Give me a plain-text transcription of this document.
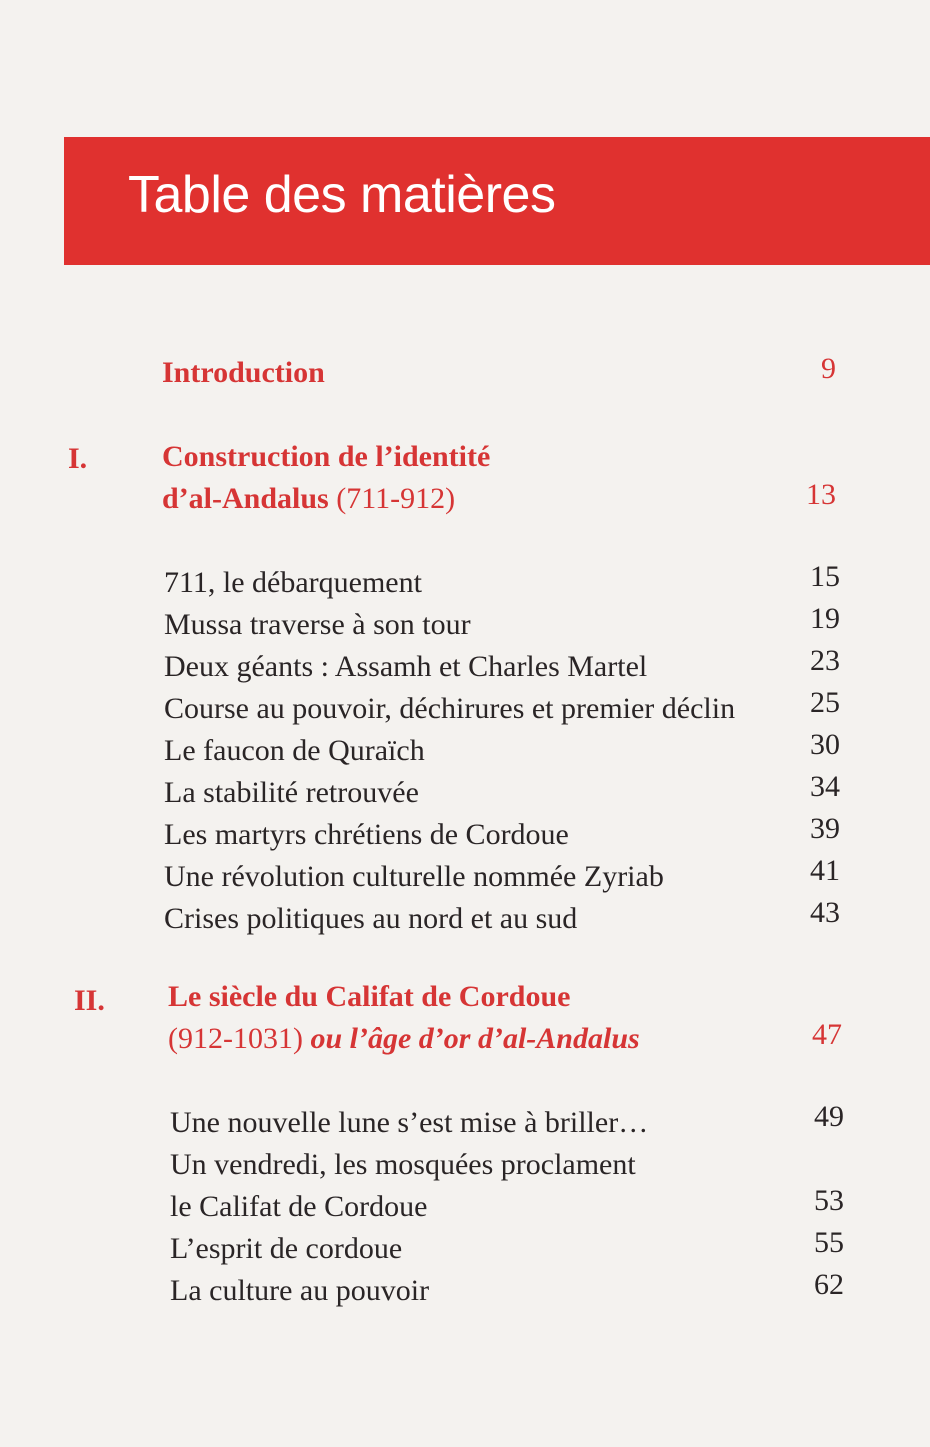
Table des matières
Introduction	9
I. Construction de l’identité
d’al-Andalus (711-912)	13
711, le débarquement	15
Mussa traverse à son tour	19
Deux géants : Assamh et Charles Martel	23
Course au pouvoir, déchirures et premier déclin 25
Le faucon de Quraïch	30
La stabilité retrouvée	34
Les martyrs chrétiens de Cordoue	39
Une révolution culturelle nommée Zyriab	41
Crises politiques au nord et au sud	43
II. Le siècle du Califat de Cordoue
(912-1031) ou l’âge d’or d’al-Andalus	47
Une nouvelle lune s’est mise à briller…	49
Un vendredi, les mosquées proclament
le Califat de Cordoue	53
L’esprit de cordoue	55
La culture au pouvoir	62
